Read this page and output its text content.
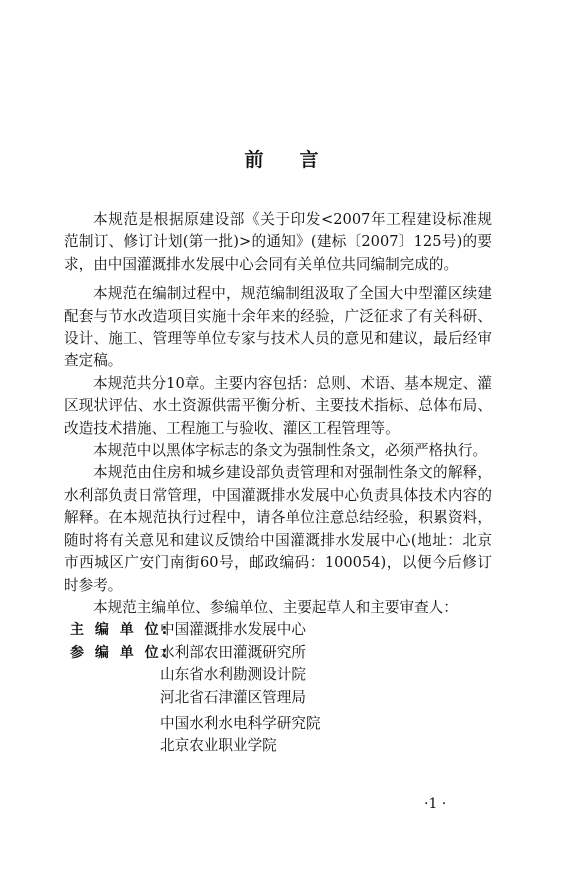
前 言

本规范是根据原建设部《关于印发<2007年工程建设标准规范制订、修订计划(第一批)>的通知》(建标〔2007〕125号)的要求，由中国灌溉排水发展中心会同有关单位共同编制完成的。

本规范在编制过程中，规范编制组汲取了全国大中型灌区续建配套与节水改造项目实施十余年来的经验，广泛征求了有关科研、设计、施工、管理等单位专家与技术人员的意见和建议，最后经审查定稿。

本规范共分10章。主要内容包括：总则、术语、基本规定、灌区现状评估、水土资源供需平衡分析、主要技术指标、总体布局、改造技术措施、工程施工与验收、灌区工程管理等。

本规范中以黑体字标志的条文为强制性条文，必须严格执行。

本规范由住房和城乡建设部负责管理和对强制性条文的解释，水利部负责日常管理，中国灌溉排水发展中心负责具体技术内容的解释。在本规范执行过程中，请各单位注意总结经验，积累资料，随时将有关意见和建议反馈给中国灌溉排水发展中心(地址：北京市西城区广安门南街60号，邮政编码：100054)，以便今后修订时参考。

本规范主编单位、参编单位、主要起草人和主要审查人：

主 编 单 位:
中国灌溉排水发展中心
参 编 单 位:
水利部农田灌溉研究所
山东省水利勘测设计院
河北省石津灌区管理局
中国水利水电科学研究院
北京农业职业学院
·1 ·
